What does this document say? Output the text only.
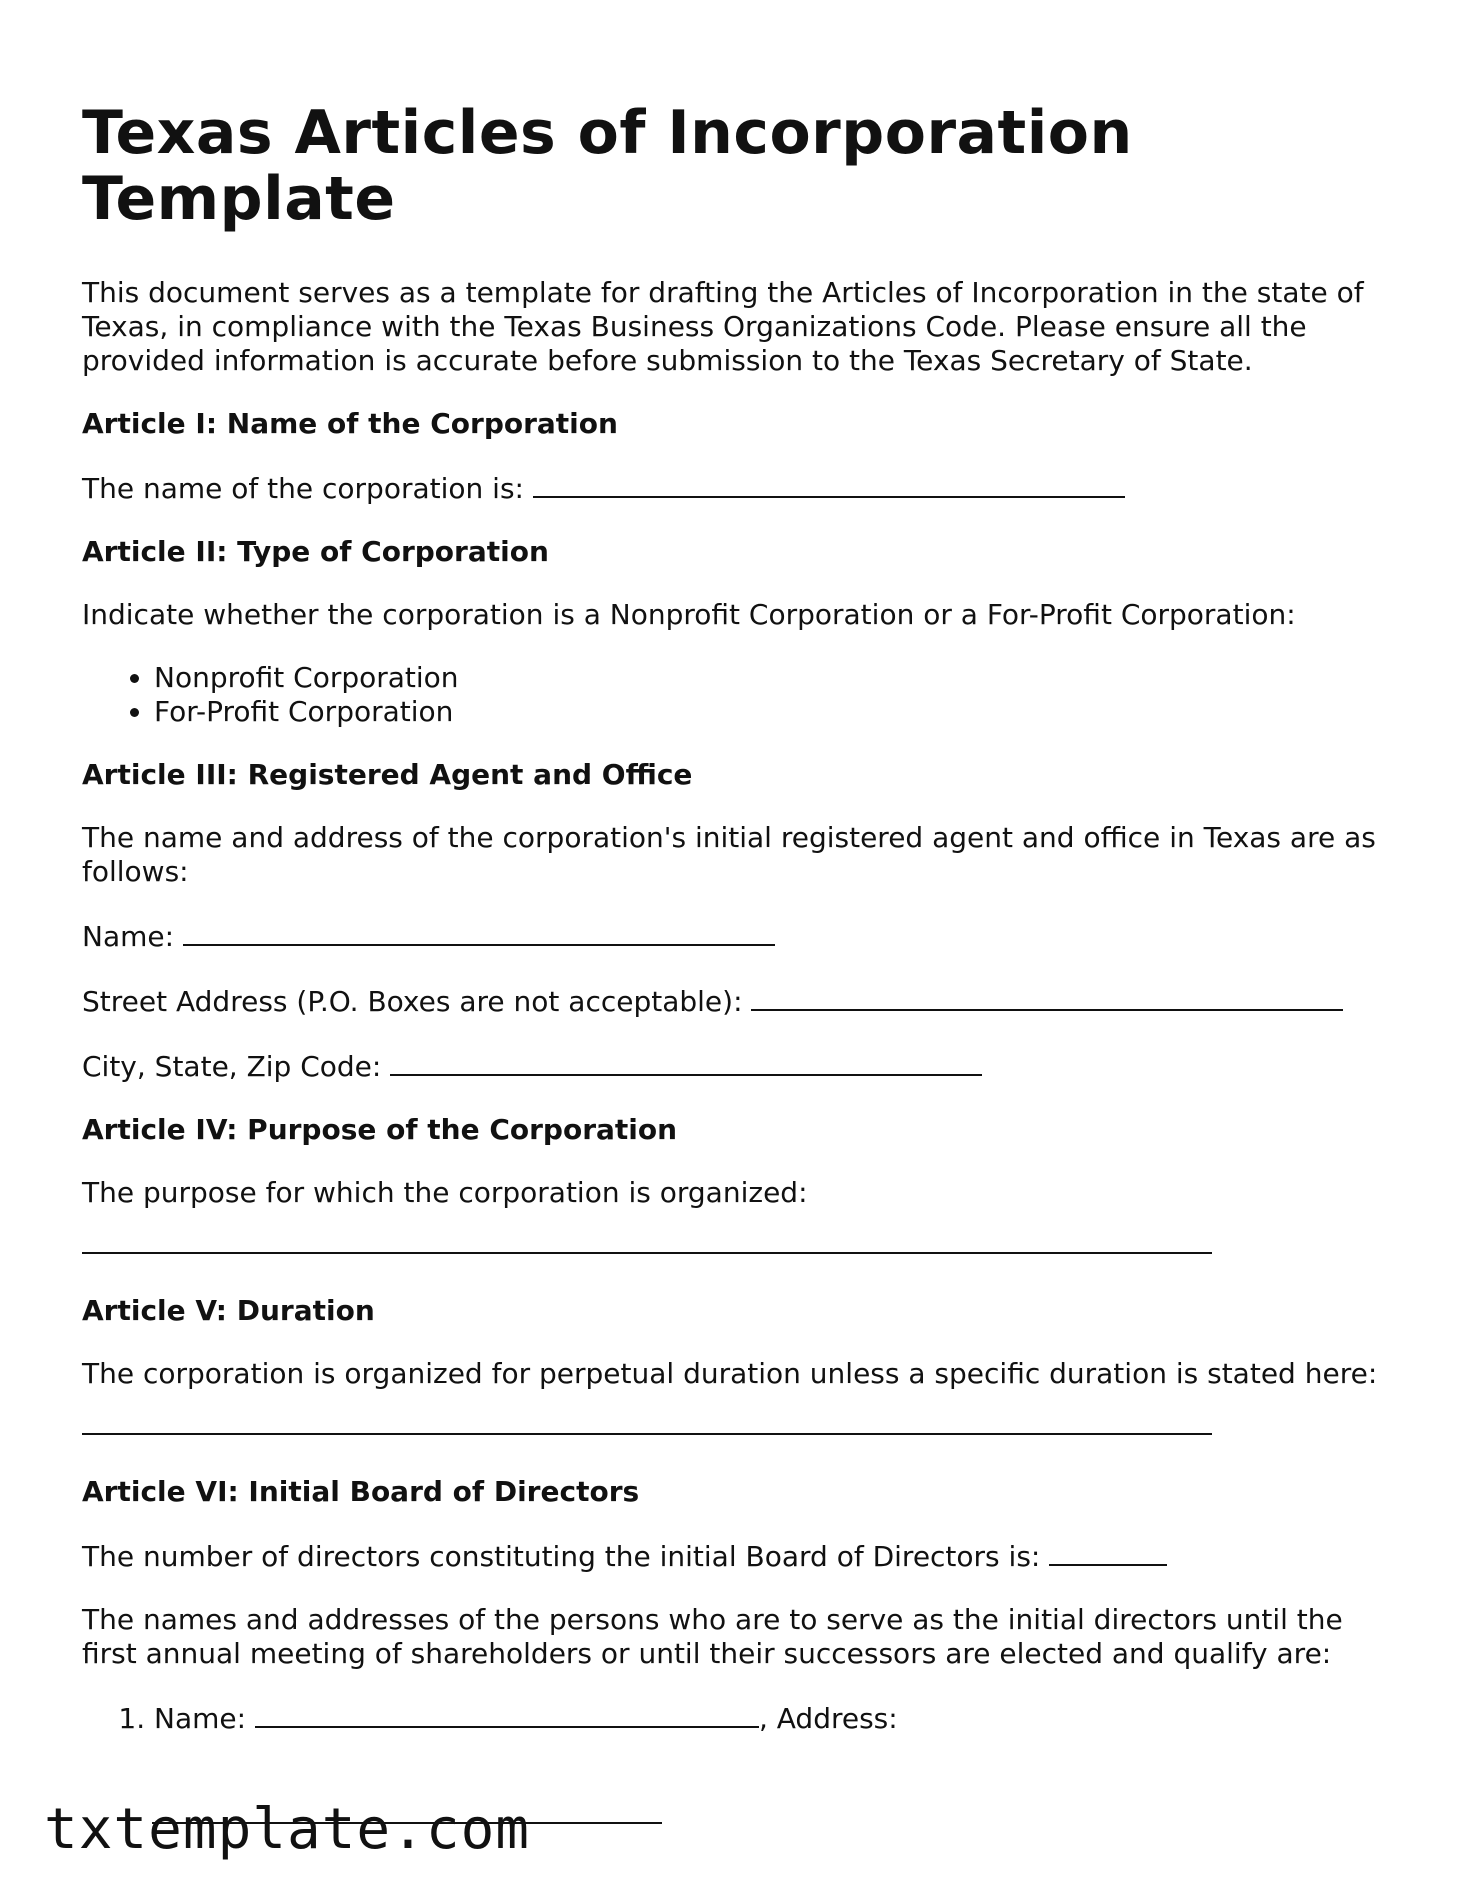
Texas Articles of Incorporation Template

This document serves as a template for drafting the Articles of Incorporation in the state of Texas, in compliance with the Texas Business Organizations Code. Please ensure all the provided information is accurate before submission to the Texas Secretary of State.

Article I: Name of the Corporation

The name of the corporation is:

Article II: Type of Corporation

Indicate whether the corporation is a Nonprofit Corporation or a For-Profit Corporation:

• Nonprofit Corporation
• For-Profit Corporation
Article III: Registered Agent and Office

The name and address of the corporation's initial registered agent and office in Texas are as follows:

Name:

Street Address (P.O. Boxes are not acceptable):

City, State, Zip Code:

Article IV: Purpose of the Corporation

The purpose for which the corporation is organized:

Article V: Duration

The corporation is organized for perpetual duration unless a specific duration is stated here:

Article VI: Initial Board of Directors

The number of directors constituting the initial Board of Directors is:

The names and addresses of the persons who are to serve as the initial directors until the first annual meeting of shareholders or until their successors are elected and qualify are:

1. Name:	, Address:
txtemplate.com
